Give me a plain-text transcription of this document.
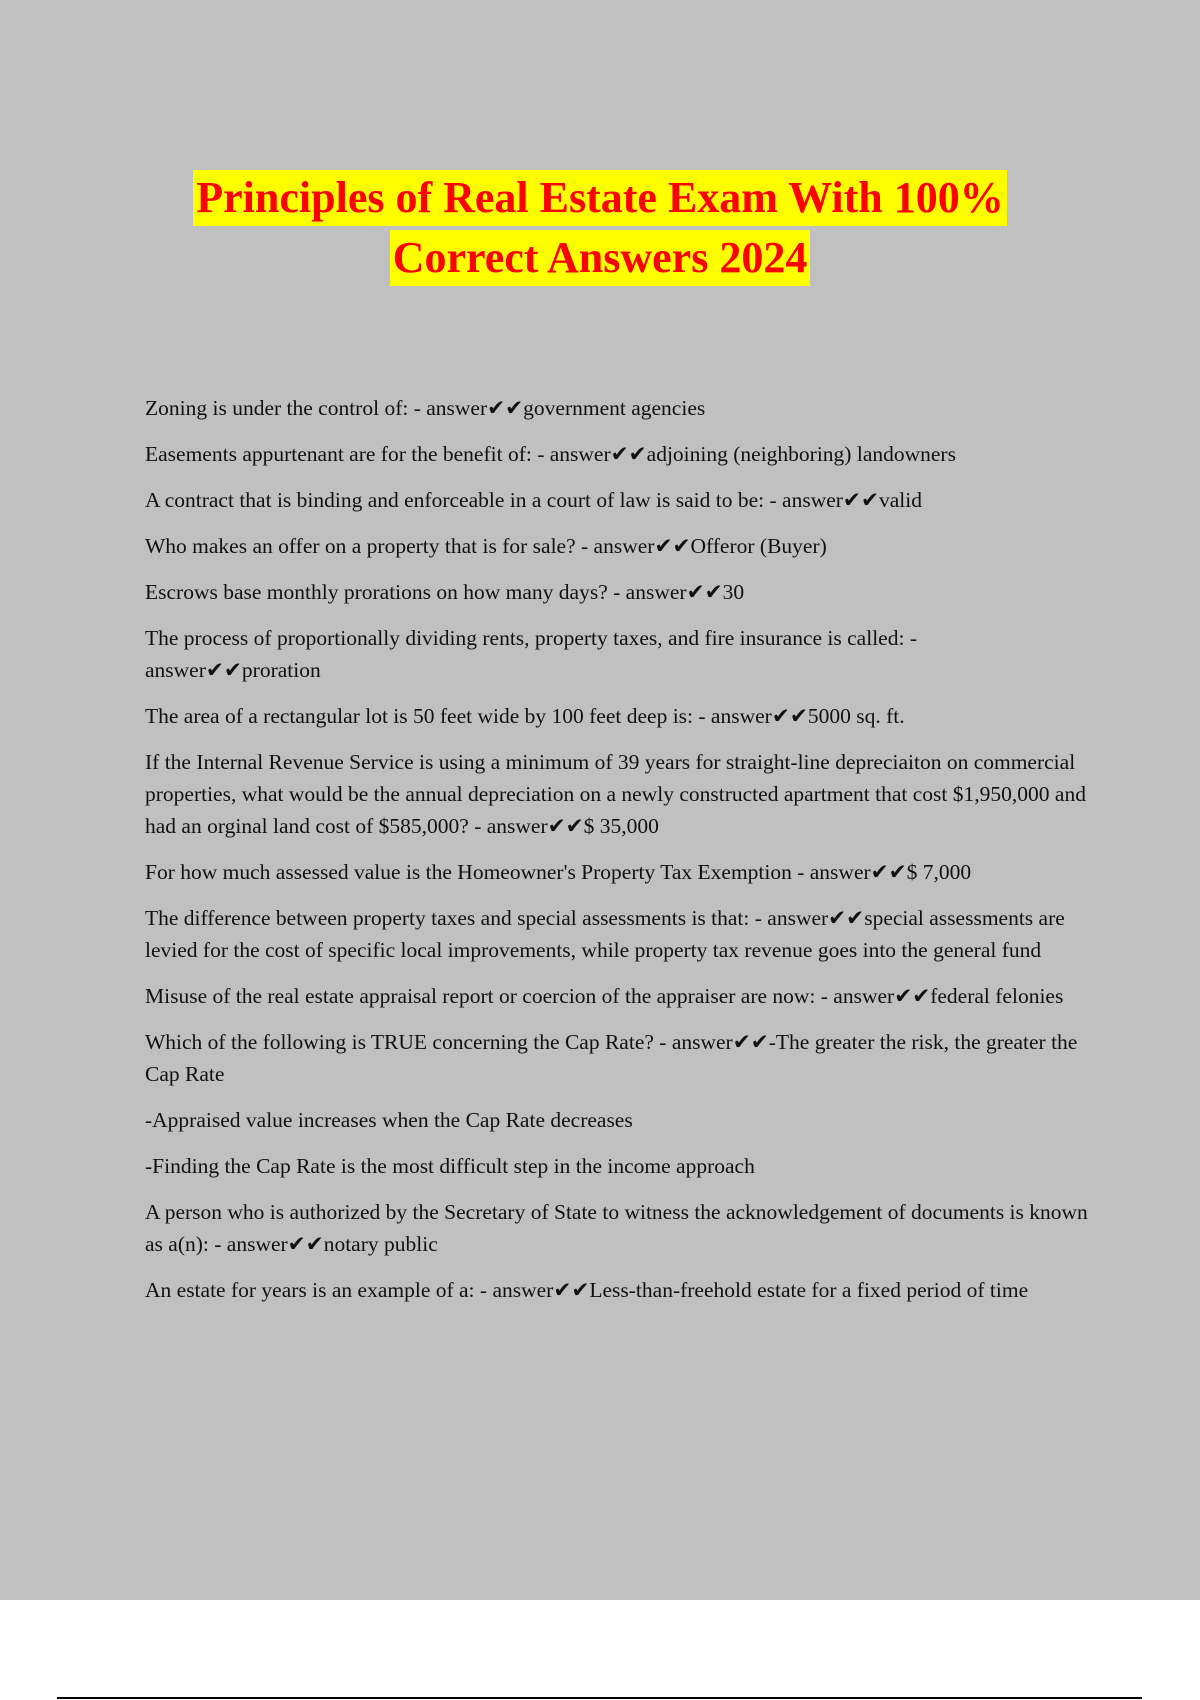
Principles of Real Estate Exam With 100%
Correct Answers 2024

Zoning is under the control of: - answer✔✔government agencies

Easements appurtenant are for the benefit of: - answer✔✔adjoining (neighboring) landowners

A contract that is binding and enforceable in a court of law is said to be: - answer✔✔valid

Who makes an offer on a property that is for sale? - answer✔✔Offeror (Buyer)

Escrows base monthly prorations on how many days? - answer✔✔30

The process of proportionally dividing rents, property taxes, and fire insurance is called: - answer✔✔proration

The area of a rectangular lot is 50 feet wide by 100 feet deep is: - answer✔✔5000 sq. ft.

If the Internal Revenue Service is using a minimum of 39 years for straight-line depreciaiton on commercial properties, what would be the annual depreciation on a newly constructed apartment that cost $1,950,000 and had an orginal land cost of $585,000? - answer✔✔$ 35,000

For how much assessed value is the Homeowner's Property Tax Exemption - answer✔✔$ 7,000

The difference between property taxes and special assessments is that: - answer✔✔special assessments are levied for the cost of specific local improvements, while property tax revenue goes into the general fund

Misuse of the real estate appraisal report or coercion of the appraiser are now: - answer✔✔federal felonies

Which of the following is TRUE concerning the Cap Rate? - answer✔✔-The greater the risk, the greater the Cap Rate

-Appraised value increases when the Cap Rate decreases

-Finding the Cap Rate is the most difficult step in the income approach

A person who is authorized by the Secretary of State to witness the acknowledgement of documents is known as a(n): - answer✔✔notary public

An estate for years is an example of a: - answer✔✔Less-than-freehold estate for a fixed period of time
